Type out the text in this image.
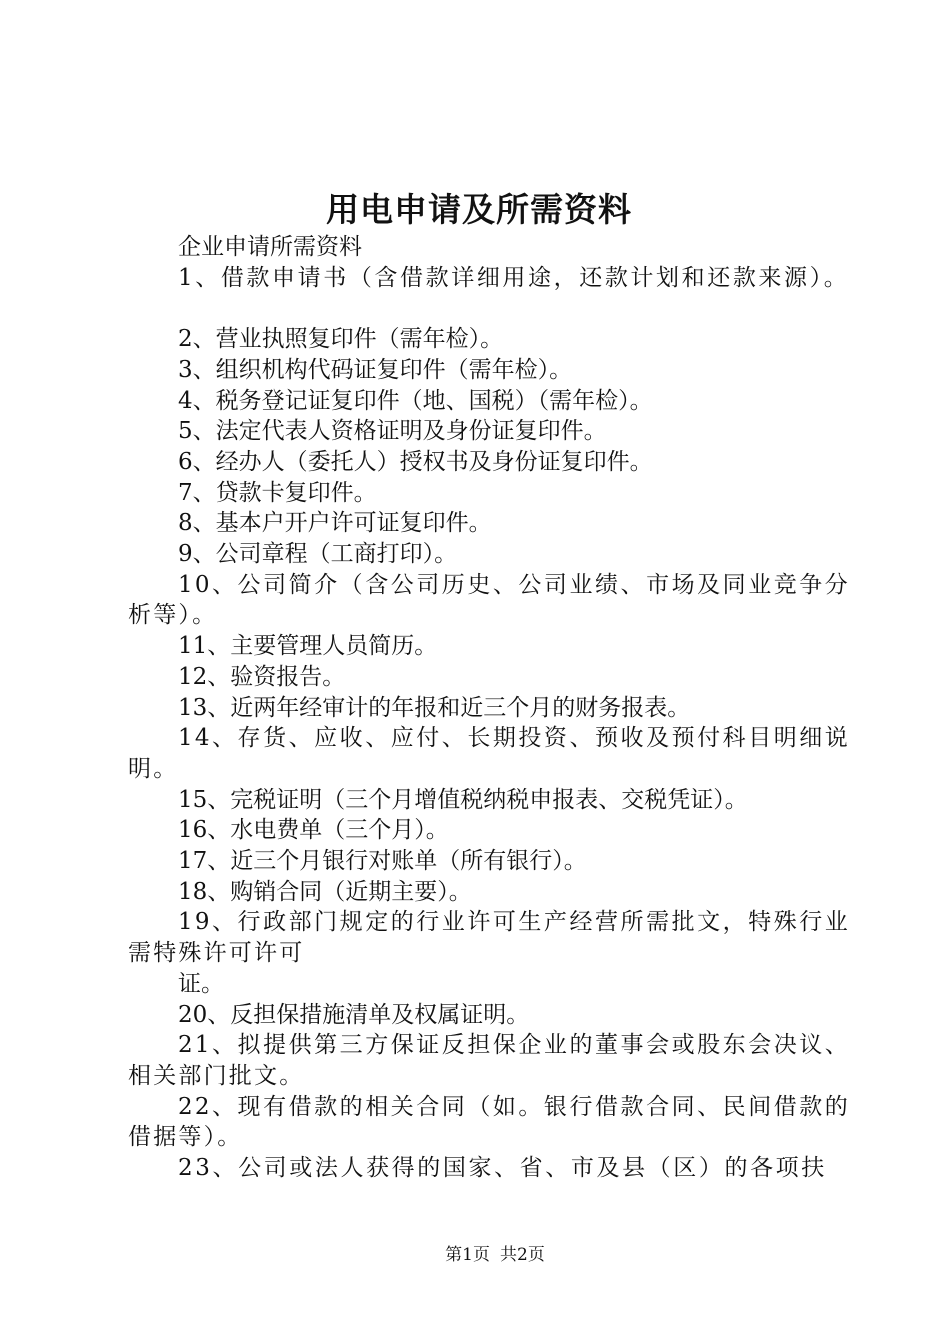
用电申请及所需资料

企业申请所需资料

1、借款申请书（含借款详细用途，还款计划和还款来源）。

2、营业执照复印件（需年检）。

3、组织机构代码证复印件（需年检）。

4、税务登记证复印件（地、国税）（需年检）。

5、法定代表人资格证明及身份证复印件。

6、经办人（委托人）授权书及身份证复印件。

7、贷款卡复印件。

8、基本户开户许可证复印件。

9、公司章程（工商打印）。

10、公司简介（含公司历史、公司业绩、市场及同业竞争分析等）。

11、主要管理人员简历。

12、验资报告。

13、近两年经审计的年报和近三个月的财务报表。

14、存货、应收、应付、长期投资、预收及预付科目明细说明。

15、完税证明（三个月增值税纳税申报表、交税凭证）。

16、水电费单（三个月）。

17、近三个月银行对账单（所有银行）。

18、购销合同（近期主要）。

19、行政部门规定的行业许可生产经营所需批文，特殊行业需特殊许可许可

证。

20、反担保措施清单及权属证明。

21、拟提供第三方保证反担保企业的董事会或股东会决议、相关部门批文。

22、现有借款的相关合同（如。银行借款合同、民间借款的借据等）。

23、公司或法人获得的国家、省、市及县（区）的各项扶

第1页 共2页
